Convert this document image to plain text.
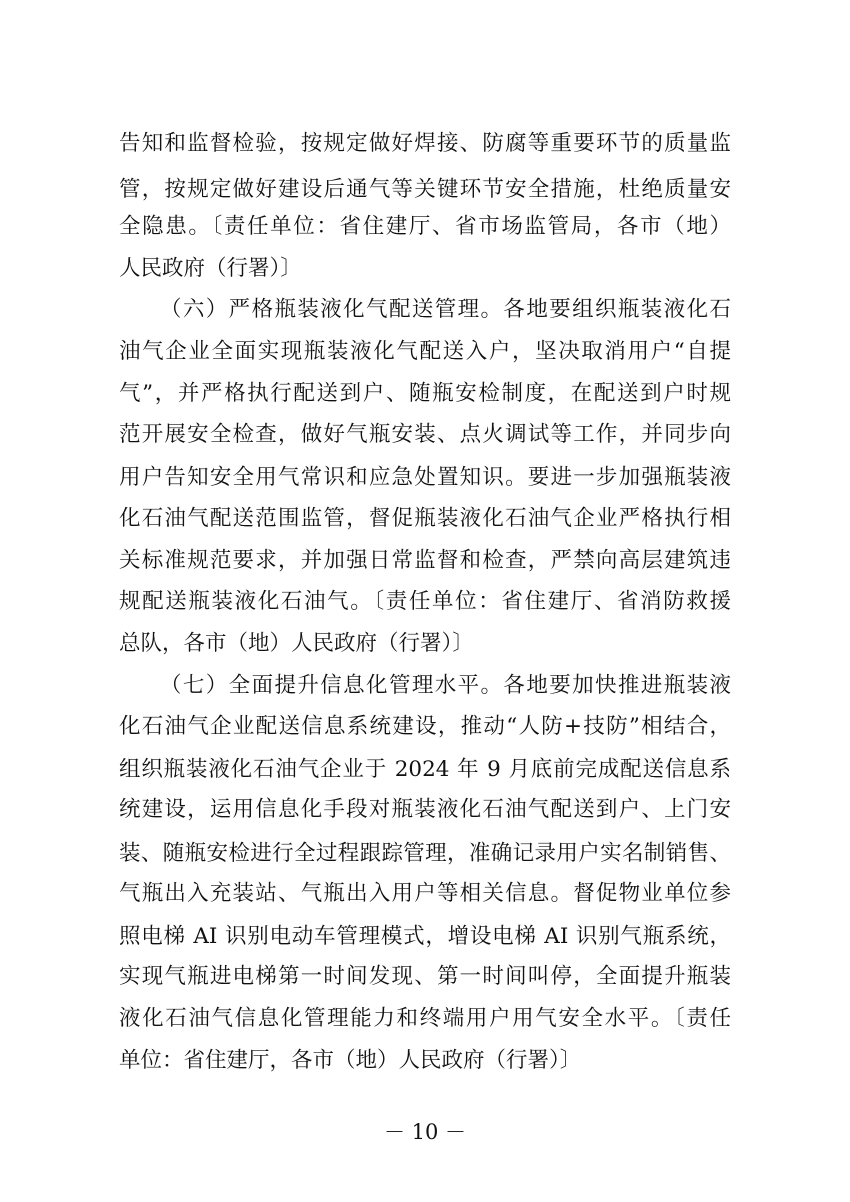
告知和监督检验，按规定做好焊接、防腐等重要环节的质量监
管，按规定做好建设后通气等关键环节安全措施，杜绝质量安
全隐患。〔责任单位：省住建厅、省市场监管局，各市（地）
人民政府（行署）〕
（六）严格瓶装液化气配送管理。各地要组织瓶装液化石
油气企业全面实现瓶装液化气配送入户，坚决取消用户“自提
气”，并严格执行配送到户、随瓶安检制度，在配送到户时规
范开展安全检查，做好气瓶安装、点火调试等工作，并同步向
用户告知安全用气常识和应急处置知识。要进一步加强瓶装液
化石油气配送范围监管，督促瓶装液化石油气企业严格执行相
关标准规范要求，并加强日常监督和检查，严禁向高层建筑违
规配送瓶装液化石油气。〔责任单位：省住建厅、省消防救援
总队，各市（地）人民政府（行署）〕
（七）全面提升信息化管理水平。各地要加快推进瓶装液
化石油气企业配送信息系统建设，推动“人防+技防”相结合，
组织瓶装液化石油气企业于 2024 年 9 月底前完成配送信息系
统建设，运用信息化手段对瓶装液化石油气配送到户、上门安
装、随瓶安检进行全过程跟踪管理，准确记录用户实名制销售、
气瓶出入充装站、气瓶出入用户等相关信息。督促物业单位参
照电梯 AI 识别电动车管理模式，增设电梯 AI 识别气瓶系统，
实现气瓶进电梯第一时间发现、第一时间叫停，全面提升瓶装
液化石油气信息化管理能力和终端用户用气安全水平。〔责任
单位：省住建厅，各市（地）人民政府（行署）〕
－ 10 －
